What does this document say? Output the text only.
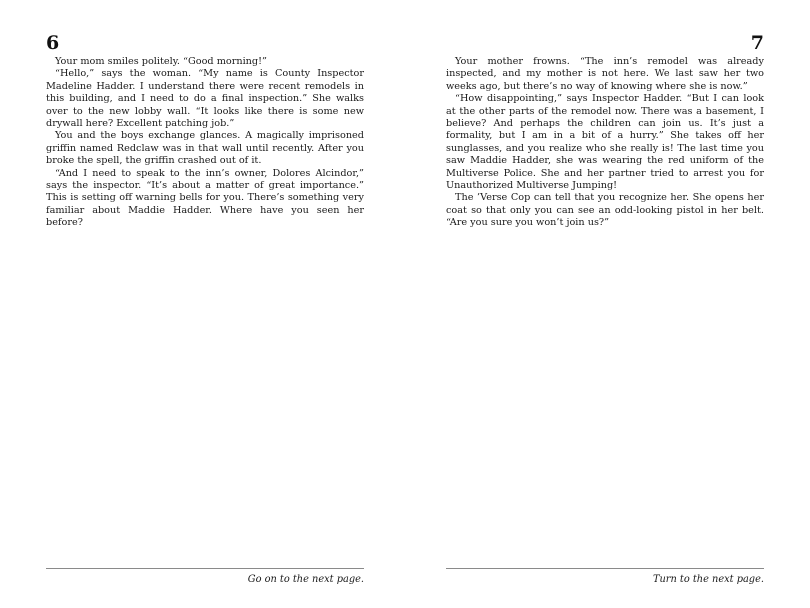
6

Your mom smiles politely. “Good morning!”

“Hello,” says the woman. “My name is County Inspector Madeline Hadder. I understand there were recent remodels in this building, and I need to do a final inspection.” She walks over to the new lobby wall. “It looks like there is some new drywall here? Excellent patching job.”

You and the boys exchange glances. A magically imprisoned griffin named Redclaw was in that wall until recently. After you broke the spell, the griffin crashed out of it.

“And I need to speak to the inn’s owner, Dolores Alcindor,” says the inspector. “It’s about a matter of great importance.” This is setting off warning bells for you. There’s something very familiar about Maddie Hadder. Where have you seen her before?

Go on to the next page.
7

Your mother frowns. “The inn’s remodel was already inspected, and my mother is not here. We last saw her two weeks ago, but there’s no way of knowing where she is now.”

“How disappointing,” says Inspector Hadder. “But I can look at the other parts of the remodel now. There was a basement, I believe? And perhaps the children can join us. It’s just a formality, but I am in a bit of a hurry.” She takes off her sunglasses, and you realize who she really is! The last time you saw Maddie Hadder, she was wearing the red uniform of the Multiverse Police. She and her partner tried to arrest you for Unauthorized Multiverse Jumping!

The ’Verse Cop can tell that you recognize her. She opens her coat so that only you can see an odd-looking pistol in her belt. “Are you sure you won’t join us?”

Turn to the next page.
